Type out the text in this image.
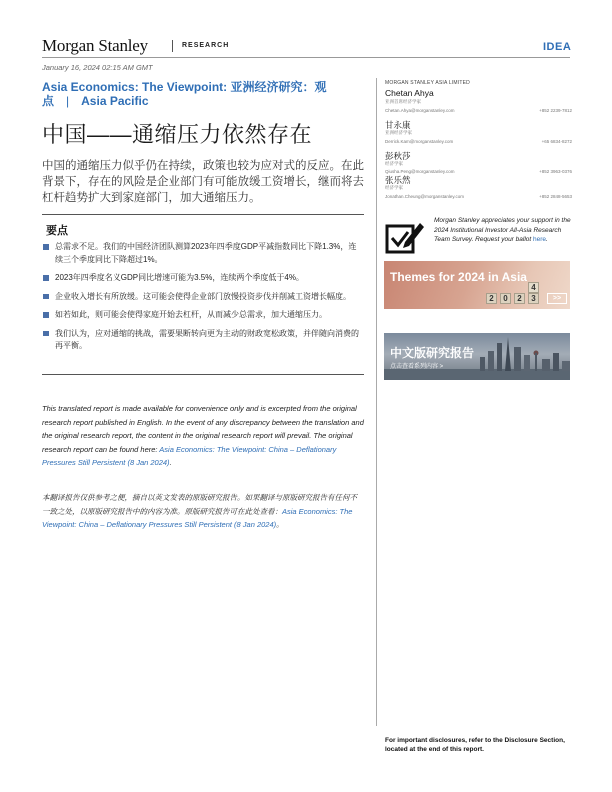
Morgan Stanley	RESEARCH	IDEA
January 16, 2024 02:15 AM GMT
Asia Economics: The Viewpoint: 亚洲经济研究：观点 | Asia Pacific
中国——通缩压力依然存在
中国的通缩压力似乎仍在持续，政策也较为应对式的反应。在此背景下，存在的风险是企业部门有可能放缓工资增长，继而将去杠杆趋势扩大到家庭部门，加大通缩压力。
要点
总需求不足。我们的中国经济团队测算2023年四季度GDP平减指数同比下降1.3%，连续三个季度同比下降超过1%。
2023年四季度名义GDP同比增速可能为3.5%，连续两个季度低于4%。
企业收入增长有所放缓。这可能会使得企业部门放慢投资步伐并削减工资增长幅度。
如若如此，则可能会使得家庭开始去杠杆，从而减少总需求，加大通缩压力。
我们认为，应对通缩的挑战，需要果断转向更为主动的财政宽松政策，并伴随向消费的再平衡。
This translated report is made available for convenience only and is excerpted from the original research report published in English. In the event of any discrepancy between the translation and the original research report, the content in the original research report will prevail. The original research report can be found here: Asia Economics: The Viewpoint: China – Deflationary Pressures Still Persistent (8 Jan 2024).
本翻译报告仅供参考之便，摘自以英文发表的原版研究报告。如果翻译与原版研究报告有任何不一致之处，以原版研究报告中的内容为准。原版研究报告可在此处查看：Asia Economics: The Viewpoint: China – Deflationary Pressures Still Persistent (8 Jan 2024)。
MORGAN STANLEY ASIA LIMITED
Chetan Ahya
亚洲首席经济学家
Chetan.Ahya@morganstanley.com	+852 2239-7812
甘永康
亚洲经济学家
Derrick.Kam@morganstanley.com	+65 6834-8272
彭秋莎
经济学家
Qiusha.Peng@morganstanley.com	+852 3963-0376
张乐然
经济学家
Jonathan.Cheung@morganstanley.com	+852 2848-5653
Morgan Stanley appreciates your support in the 2024 Institutional Investor All-Asia Research Team Survey. Request your ballot here.
Themes for 2024 in Asia
2	0	2	3
4
>>
中文版研究报告
点击查看系列内容 >
For important disclosures, refer to the Disclosure Section, located at the end of this report.
